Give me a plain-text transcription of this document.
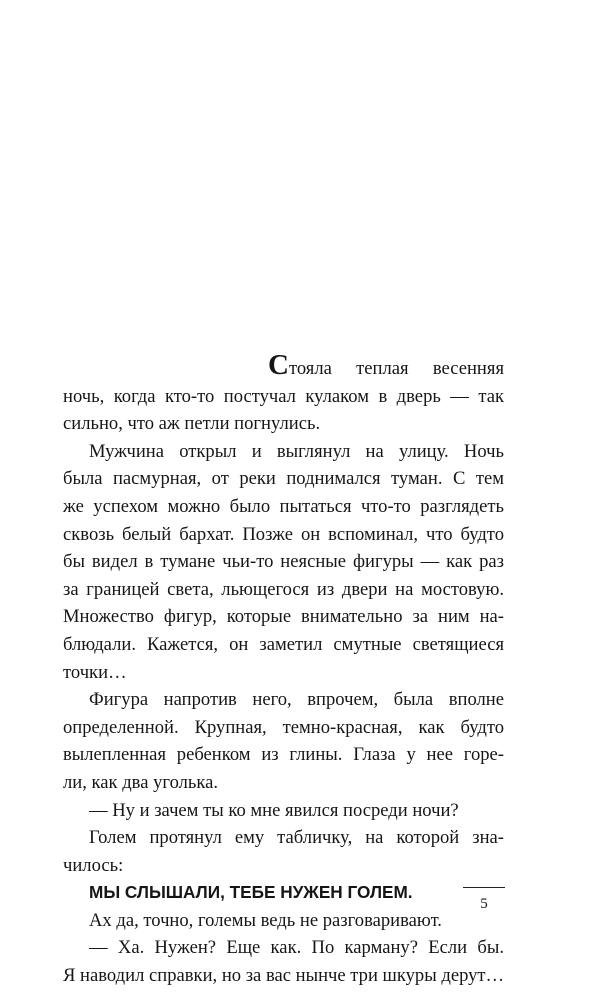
Стояла теплая весенняя
ночь, когда кто-то постучал кулаком в дверь — так
сильно, что аж петли погнулись.
Мужчина открыл и выглянул на улицу. Ночь
была пасмурная, от реки поднимался туман. С тем
же успехом можно было пытаться что-то разглядеть
сквозь белый бархат. Позже он вспоминал, что будто
бы видел в тумане чьи-то неясные фигуры — как раз
за границей света, льющегося из двери на мостовую.
Множество фигур, которые внимательно за ним на-
блюдали. Кажется, он заметил смутные светящиеся
точки…
Фигура напротив него, впрочем, была вполне
определенной. Крупная, темно-красная, как будто
вылепленная ребенком из глины. Глаза у нее горе-
ли, как два уголька.
— Ну и зачем ты ко мне явился посреди ночи?
Голем протянул ему табличку, на которой зна-
чилось:
МЫ СЛЫШАЛИ, ТЕБЕ НУЖЕН ГОЛЕМ.
Ах да, точно, големы ведь не разговаривают.
— Ха. Нужен? Еще как. По карману? Если бы.
Я наводил справки, но за вас нынче три шкуры дерут…
5
